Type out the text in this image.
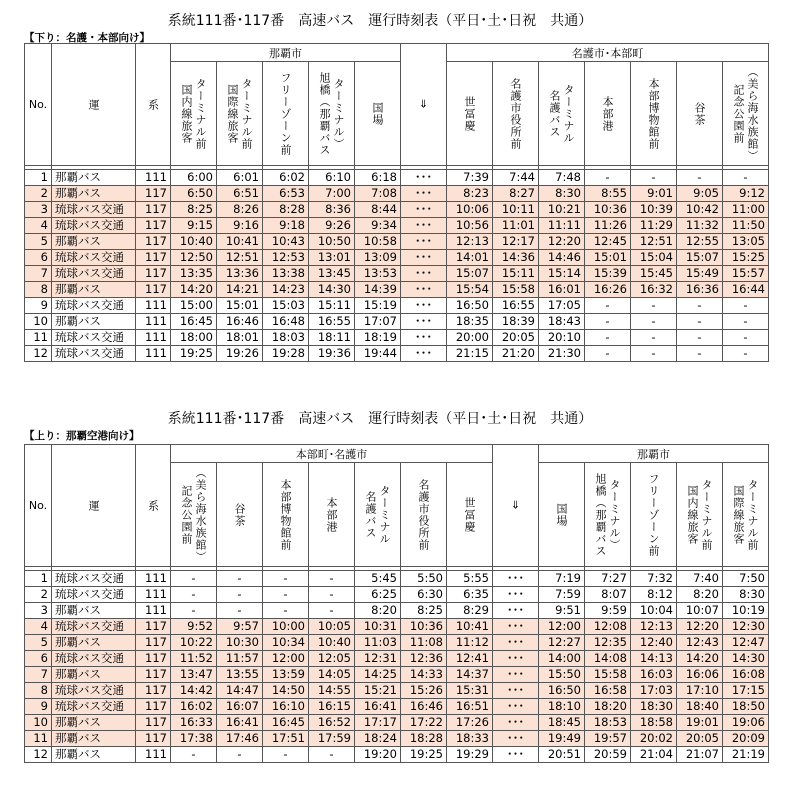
系統111番･117番　高速バス　運行時刻表（平日･土･日祝　共通）
【下り：名護・本部向け】
No.	運	系	那覇市					⇒	名護市･本部町						

			ターミナル前
国内線旅客	ターミナル前
国際線旅客	フリーゾーン前	ターミナル）
旭橋（那覇バス	国場		世冨慶	名護市役所前	ターミナル
名護バス	本部港	本部博物館前	谷茶	（美ら海水族館）
記念公園前

1	那覇バス	111	6:00	6:01	6:02	6:10	6:18	･･･	7:39	7:44	7:48	-	-	-	-
2	那覇バス	117	6:50	6:51	6:53	7:00	7:08	･･･	8:23	8:27	8:30	8:55	9:01	9:05	9:12
3	琉球バス交通	117	8:25	8:26	8:28	8:36	8:44	･･･	10:06	10:11	10:21	10:36	10:39	10:42	11:00
4	琉球バス交通	117	9:15	9:16	9:18	9:26	9:34	･･･	10:56	11:01	11:11	11:26	11:29	11:32	11:50
5	那覇バス	117	10:40	10:41	10:43	10:50	10:58	･･･	12:13	12:17	12:20	12:45	12:51	12:55	13:05
6	琉球バス交通	117	12:50	12:51	12:53	13:01	13:09	･･･	14:01	14:36	14:46	15:01	15:04	15:07	15:25
7	琉球バス交通	117	13:35	13:36	13:38	13:45	13:53	･･･	15:07	15:11	15:14	15:39	15:45	15:49	15:57
8	那覇バス	117	14:20	14:21	14:23	14:30	14:39	･･･	15:54	15:58	16:01	16:26	16:32	16:36	16:44
9	琉球バス交通	111	15:00	15:01	15:03	15:11	15:19	･･･	16:50	16:55	17:05	-	-	-	-
10	那覇バス	111	16:45	16:46	16:48	16:55	17:07	･･･	18:35	18:39	18:43	-	-	-	-
11	琉球バス交通	111	18:00	18:01	18:03	18:11	18:19	･･･	20:00	20:05	20:10	-	-	-	-
12	琉球バス交通	111	19:25	19:26	19:28	19:36	19:44	･･･	21:15	21:20	21:30	-	-	-	-
系統111番･117番　高速バス　運行時刻表（平日･土･日祝　共通）
【上り：那覇空港向け】
No.	運	系	本部町･名護市							⇒	那覇市				

			（美ら海水族館）
記念公園前	谷茶	本部博物館前	本部港	ターミナル
名護バス	名護市役所前	世冨慶		国場	ターミナル）
旭橋（那覇バス	フリーゾーン前	ターミナル前
国内線旅客	ターミナル前
国際線旅客

1	琉球バス交通	111	-	-	-	-	5:45	5:50	5:55	･･･	7:19	7:27	7:32	7:40	7:50
2	琉球バス交通	111	-	-	-	-	6:25	6:30	6:35	･･･	7:59	8:07	8:12	8:20	8:30
3	那覇バス	111	-	-	-	-	8:20	8:25	8:29	･･･	9:51	9:59	10:04	10:07	10:19
4	琉球バス交通	117	9:52	9:57	10:00	10:05	10:31	10:36	10:41	･･･	12:00	12:08	12:13	12:20	12:30
5	那覇バス	117	10:22	10:30	10:34	10:40	11:03	11:08	11:12	･･･	12:27	12:35	12:40	12:43	12:47
6	琉球バス交通	117	11:52	11:57	12:00	12:05	12:31	12:36	12:41	･･･	14:00	14:08	14:13	14:20	14:30
7	那覇バス	117	13:47	13:55	13:59	14:05	14:25	14:33	14:37	･･･	15:50	15:58	16:03	16:06	16:08
8	琉球バス交通	117	14:42	14:47	14:50	14:55	15:21	15:26	15:31	･･･	16:50	16:58	17:03	17:10	17:15
9	琉球バス交通	117	16:02	16:07	16:10	16:15	16:41	16:46	16:51	･･･	18:10	18:20	18:30	18:40	18:50
10	那覇バス	117	16:33	16:41	16:45	16:52	17:17	17:22	17:26	･･･	18:45	18:53	18:58	19:01	19:06
11	那覇バス	117	17:38	17:46	17:51	17:59	18:24	18:28	18:33	･･･	19:49	19:57	20:02	20:05	20:09
12	那覇バス	111	-	-	-	-	19:20	19:25	19:29	･･･	20:51	20:59	21:04	21:07	21:19
